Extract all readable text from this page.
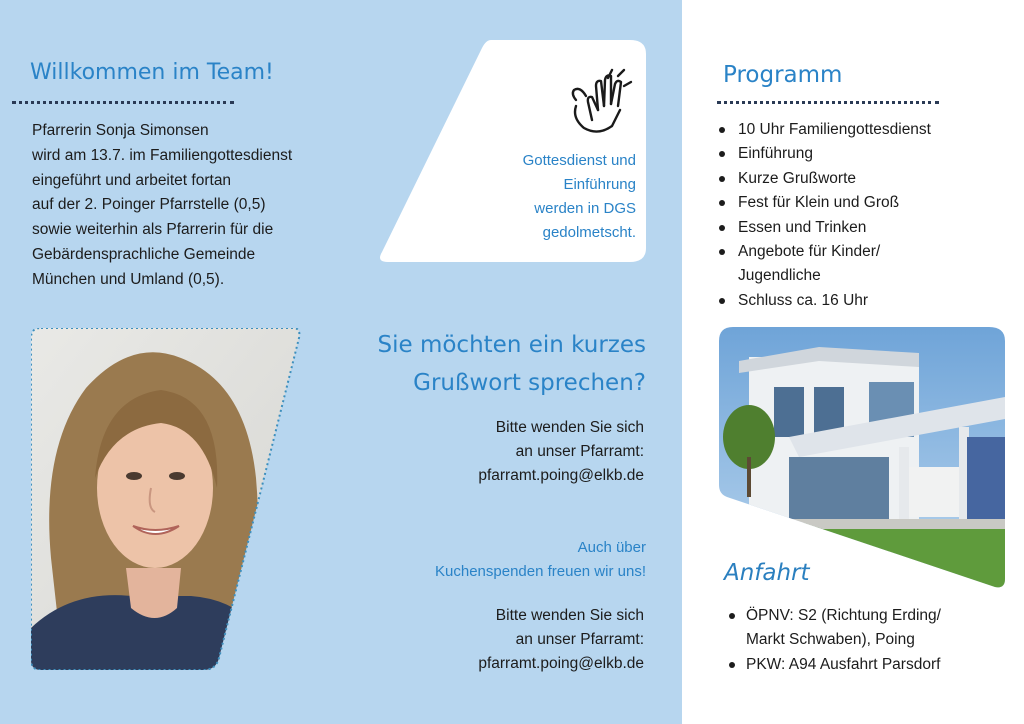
Willkommen im Team!
Pfarrerin Sonja Simonsen
wird am 13.7. im Familiengottesdienst
eingeführt und arbeitet fortan
auf der 2. Poinger Pfarrstelle (0,5)
sowie weiterhin als Pfarrerin für die
Gebärdensprachliche Gemeinde
München und Umland (0,5).
Gottesdienst und
Einführung
werden in DGS
gedolmetscht.
Sie möchten ein kurzes
Grußwort sprechen?
Bitte wenden Sie sich
an unser Pfarramt:
pfarramt.poing@elkb.de
Auch über
Kuchenspenden freuen wir uns!
Bitte wenden Sie sich
an unser Pfarramt:
pfarramt.poing@elkb.de
Programm
10 Uhr Familiengottesdienst
Einführung
Kurze Grußworte
Fest für Klein und Groß
Essen und Trinken
Angebote für Kinder/
Jugendliche
Schluss ca. 16 Uhr
Anfahrt
ÖPNV: S2 (Richtung Erding/
Markt Schwaben), Poing
PKW: A94 Ausfahrt Parsdorf
